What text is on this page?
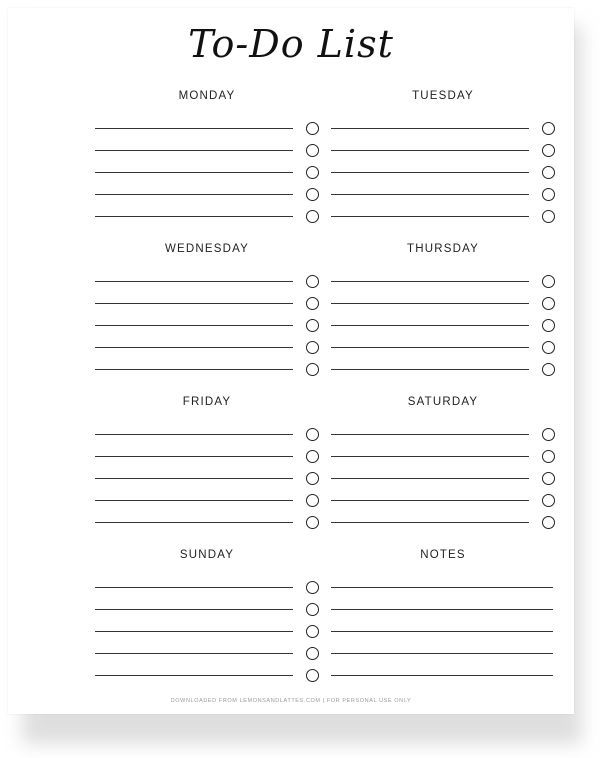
To-Do List
MONDAY	TUESDAY
WEDNESDAY	THURSDAY
FRIDAY	SATURDAY
SUNDAY	NOTES
DOWNLOADED FROM LEMONSANDLATTES.COM | FOR PERSONAL USE ONLY
